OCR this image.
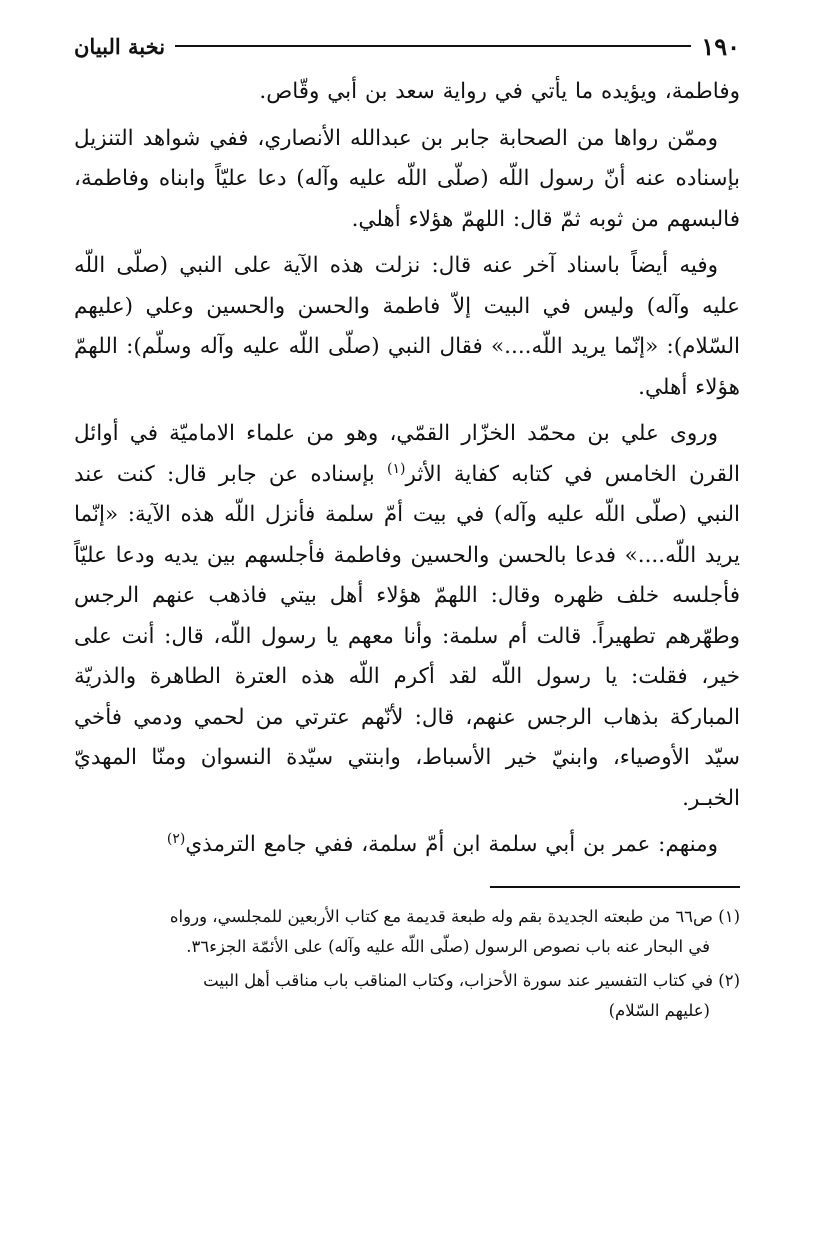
١٩٠
نخبة البيان

وفاطمة، ويؤيده ما يأتي في رواية سعد بن أبي وقّاص.

وممّن رواها من الصحابة جابر بن عبدالله الأنصاري، ففي شواهد التنزيل بإسناده عنه أنّ رسول اللّه (صلّى اللّه عليه وآله) دعا عليّاً وابناه وفاطمة، فالبسهم من ثوبه ثمّ قال: اللهمّ هؤلاء أهلي.

وفيه أيضاً باسناد آخر عنه قال: نزلت هذه الآية على النبي (صلّى اللّه عليه وآله) وليس في البيت إلاّ فاطمة والحسن والحسين وعلي (عليهم السّلام): «إنّما يريد اللّه....» فقال النبي (صلّى اللّه عليه وآله وسلّم): اللهمّ هؤلاء أهلي.

وروى علي بن محمّد الخزّار القمّي، وهو من علماء الاماميّة في أوائل القرن الخامس في كتابه كفاية الأثر$^{(١)}$ بإسناده عن جابر قال: كنت عند النبي (صلّى اللّه عليه وآله) في بيت أمّ سلمة فأنزل اللّه هذه الآية: «إنّما يريد اللّه....» فدعا بالحسن والحسين وفاطمة فأجلسهم بين يديه ودعا عليّاً فأجلسه خلف ظهره وقال: اللهمّ هؤلاء أهل بيتي فاذهب عنهم الرجس وطهّرهم تطهيراً. قالت أم سلمة: وأنا معهم يا رسول اللّه، قال: أنت على خير، فقلت: يا رسول اللّه لقد أكرم اللّه هذه العترة الطاهرة والذريّة المباركة بذهاب الرجس عنهم، قال: لأنّهم عترتي من لحمي ودمي فأخي سيّد الأوصياء، وابنيّ خير الأسباط، وابنتي سيّدة النسوان ومنّا المهديّ الخبـر.

ومنهم: عمر بن أبي سلمة ابن أمّ سلمة، ففي جامع الترمذي$^{(٢)}$

(١) ص٦٦ من طبعته الجديدة بقم وله طبعة قديمة مع كتاب الأربعين للمجلسي، ورواه
في البحار عنه باب نصوص الرسول (صلّى اللّه عليه وآله) على الأئمّة الجزء٣٦.
(٢) في كتاب التفسير عند سورة الأحزاب، وكتاب المناقب باب مناقب أهل البيت
(عليهم السّلام)
